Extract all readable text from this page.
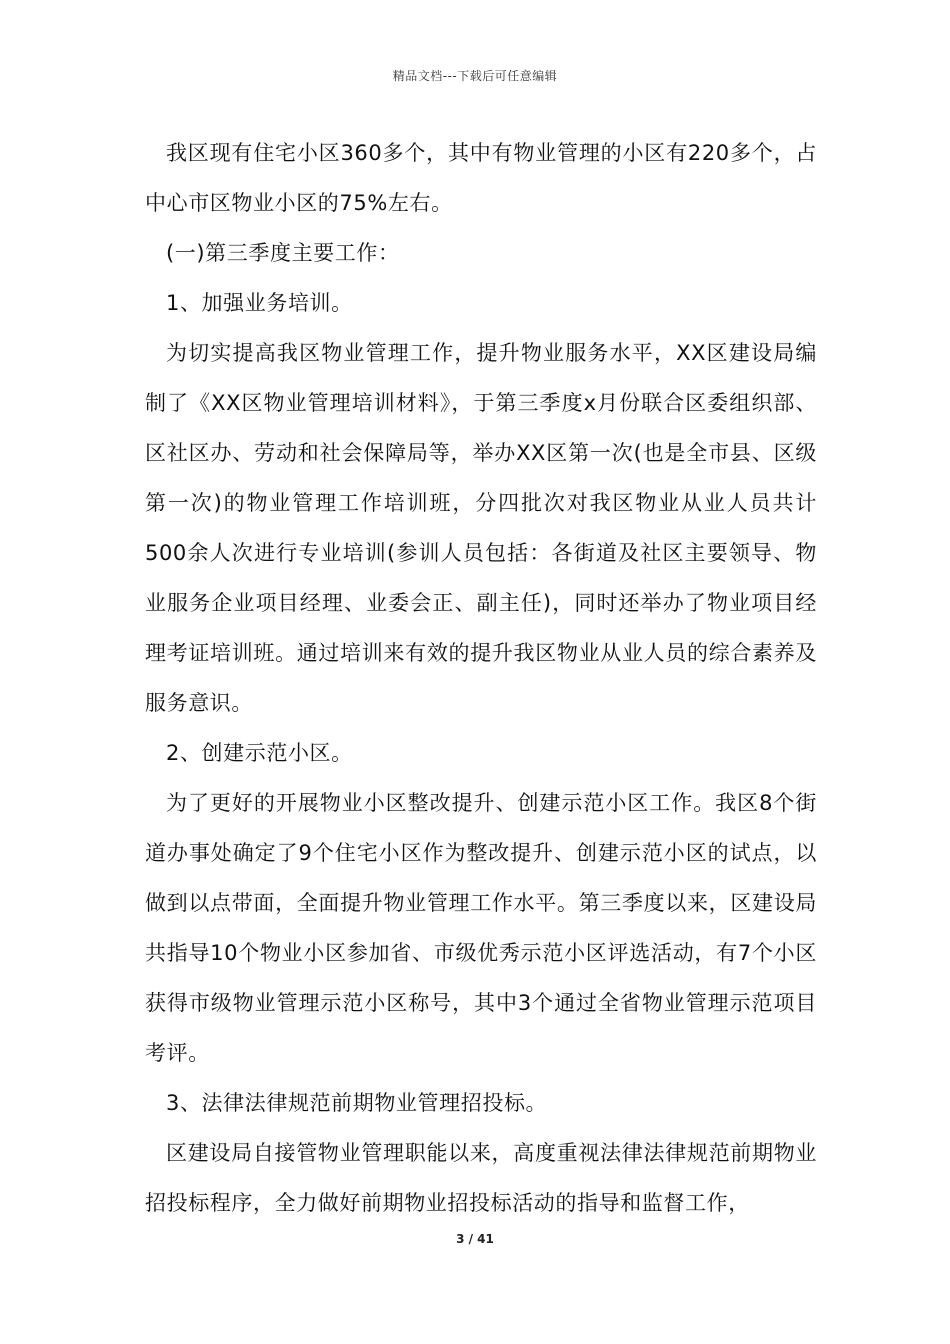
精品文档---下载后可任意编辑

我区现有住宅小区360多个，其中有物业管理的小区有220多个，占中心市区物业小区的75%左右。

(一)第三季度主要工作：

1、加强业务培训。

为切实提高我区物业管理工作，提升物业服务水平，XX区建设局编制了《XX区物业管理培训材料》，于第三季度x月份联合区委组织部、区社区办、劳动和社会保障局等，举办XX区第一次(也是全市县、区级第一次)的物业管理工作培训班，分四批次对我区物业从业人员共计500余人次进行专业培训(参训人员包括：各街道及社区主要领导、物业服务企业项目经理、业委会正、副主任)，同时还举办了物业项目经理考证培训班。通过培训来有效的提升我区物业从业人员的综合素养及服务意识。

2、创建示范小区。

为了更好的开展物业小区整改提升、创建示范小区工作。我区8个街道办事处确定了9个住宅小区作为整改提升、创建示范小区的试点，以做到以点带面，全面提升物业管理工作水平。第三季度以来，区建设局共指导10个物业小区参加省、市级优秀示范小区评选活动，有7个小区获得市级物业管理示范小区称号，其中3个通过全省物业管理示范项目考评。

3、法律法律规范前期物业管理招投标。

区建设局自接管物业管理职能以来，高度重视法律法律规范前期物业招投标程序，全力做好前期物业招投标活动的指导和监督工作，

3 / 41
